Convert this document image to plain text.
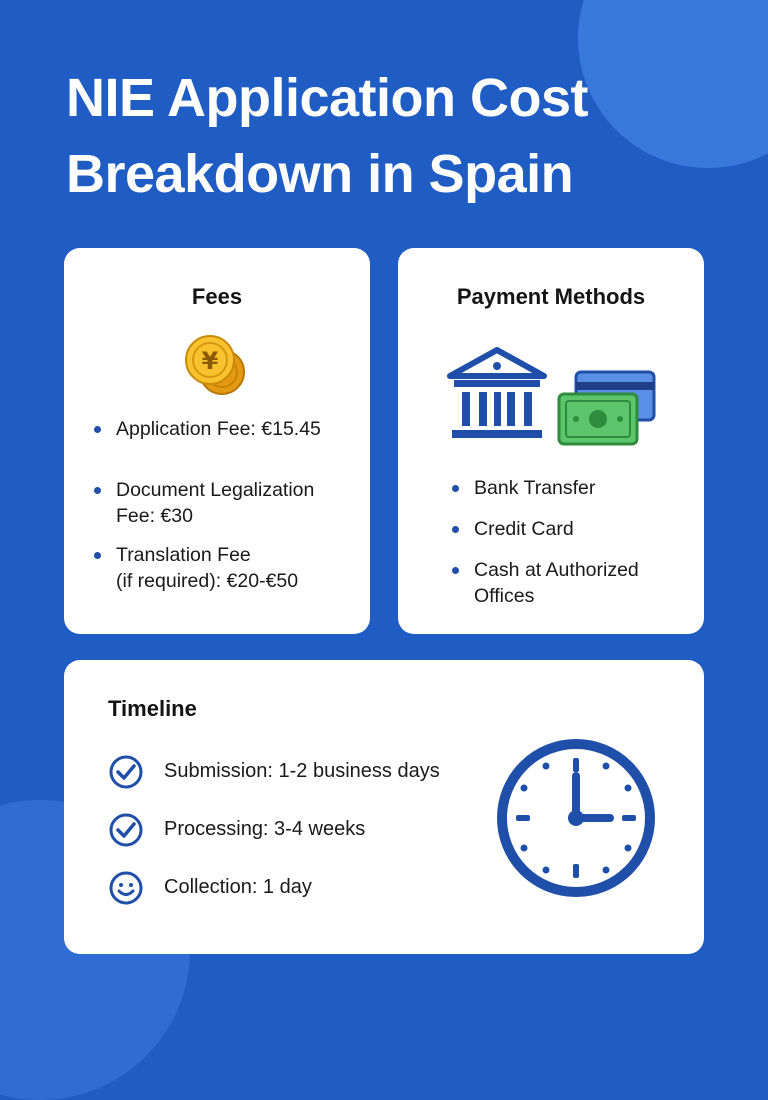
NIE Application Cost
Breakdown in Spain
Fees
¥
Application Fee: €15.45
Document Legalization
Fee: €30
Translation Fee
(if required): €20-€50
Payment Methods
Bank Transfer
Credit Card
Cash at Authorized
Offices
Timeline
Submission: 1-2 business days
Processing: 3-4 weeks
Collection: 1 day
